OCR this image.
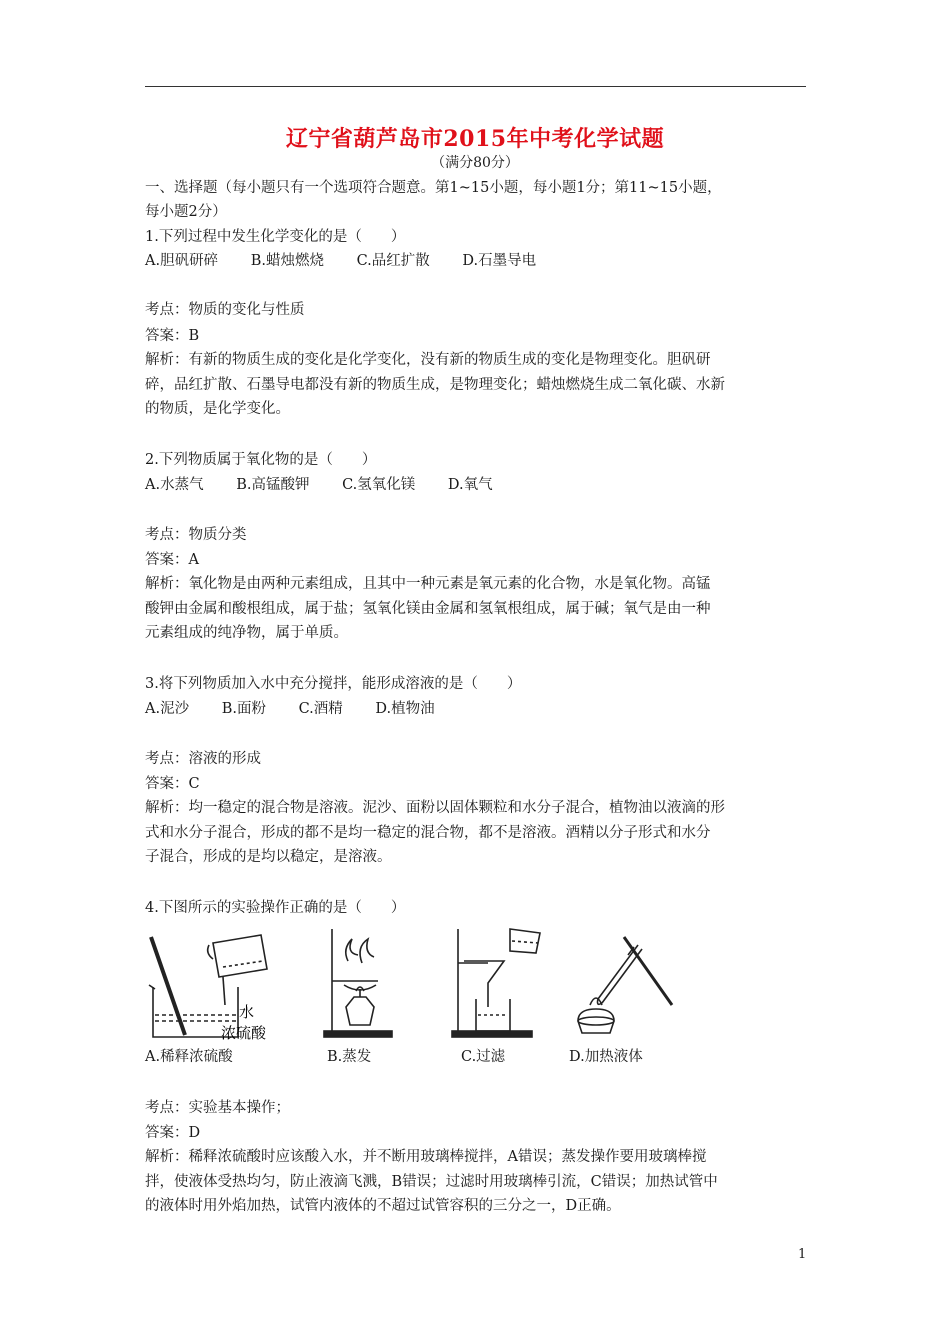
辽宁省葫芦岛市2015年中考化学试题
（满分80分）
一、选择题（每小题只有一个选项符合题意。第1~15小题，每小题1分；第11~15小题，
每小题2分）
1.下列过程中发生化学变化的是（　　）
A.胆矾研碎 B.蜡烛燃烧 C.品红扩散 D.石墨导电
考点：物质的变化与性质
答案：B
解析：有新的物质生成的变化是化学变化，没有新的物质生成的变化是物理变化。胆矾研
碎，品红扩散、石墨导电都没有新的物质生成，是物理变化；蜡烛燃烧生成二氧化碳、水新
的物质，是化学变化。
2.下列物质属于氧化物的是（　　）
A.水蒸气 B.高锰酸钾 C.氢氧化镁 D.氧气
考点：物质分类
答案：A
解析：氧化物是由两种元素组成，且其中一种元素是氧元素的化合物，水是氧化物。高锰
酸钾由金属和酸根组成，属于盐；氢氧化镁由金属和氢氧根组成，属于碱；氧气是由一种
元素组成的纯净物，属于单质。
3.将下列物质加入水中充分搅拌，能形成溶液的是（　　）
A.泥沙 B.面粉 C.酒精 D.植物油
考点：溶液的形成
答案：C
解析：均一稳定的混合物是溶液。泥沙、面粉以固体颗粒和水分子混合，植物油以液滴的形
式和水分子混合，形成的都不是均一稳定的混合物，都不是溶液。酒精以分子形式和水分
子混合，形成的是均以稳定，是溶液。
4.下图所示的实验操作正确的是（　　）
水
浓硫酸
A.稀释浓硫酸	B.蒸发	C.过滤	D.加热液体
考点：实验基本操作；
答案：D
解析：稀释浓硫酸时应该酸入水，并不断用玻璃棒搅拌，A错误；蒸发操作要用玻璃棒搅
拌，使液体受热均匀，防止液滴飞溅，B错误；过滤时用玻璃棒引流，C错误；加热试管中
的液体时用外焰加热，试管内液体的不超过试管容积的三分之一，D正确。
1
